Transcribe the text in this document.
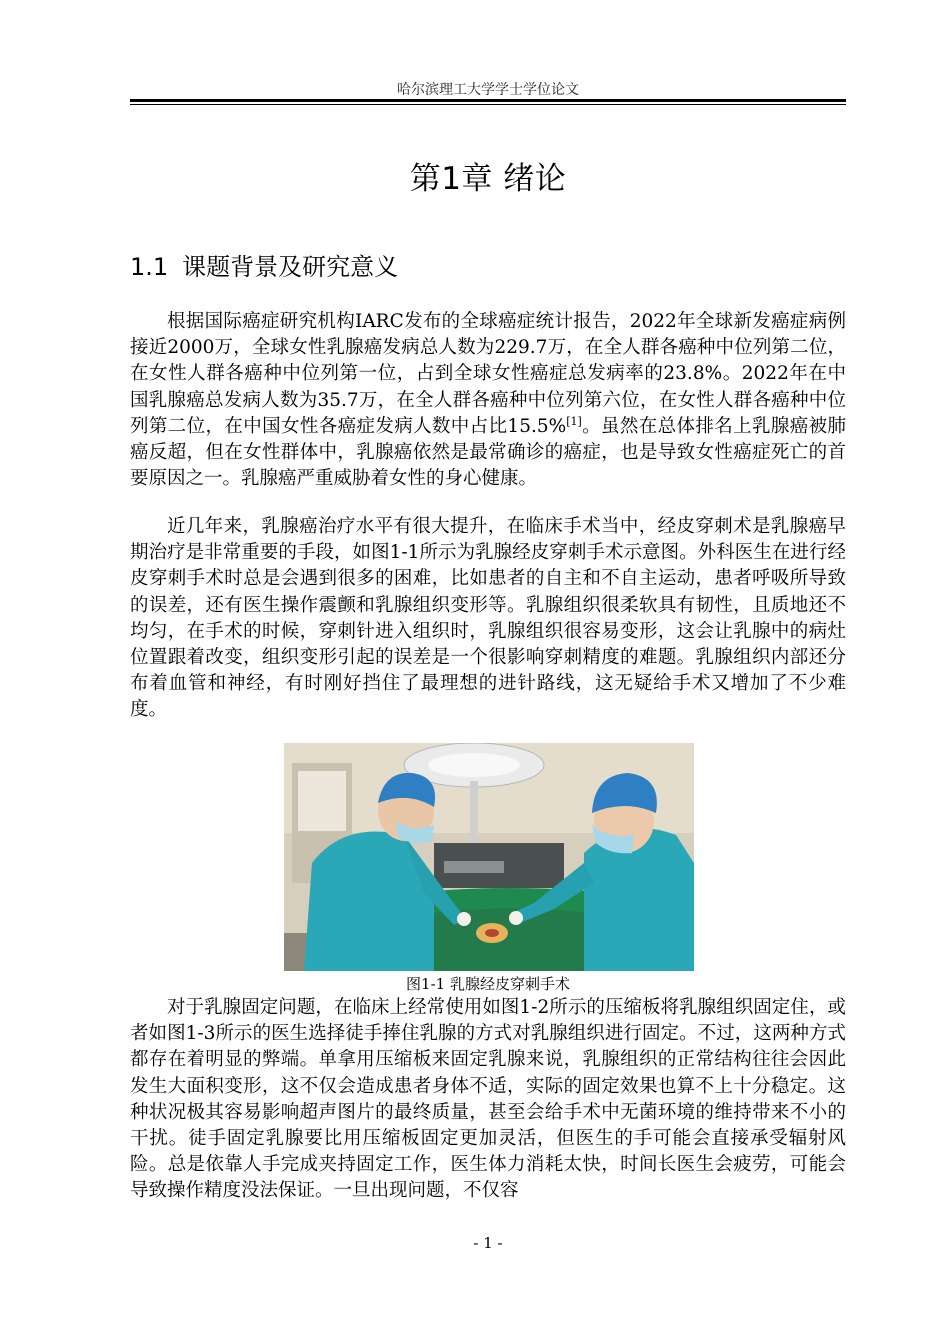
哈尔滨理工大学学士学位论文
第1章 绪论
1.1 课题背景及研究意义

根据国际癌症研究机构IARC发布的全球癌症统计报告，2022年全球新发癌症病例接近2000万，全球女性乳腺癌发病总人数为229.7万，在全人群各癌种中位列第二位，在女性人群各癌种中位列第一位，占到全球女性癌症总发病率的23.8%。2022年在中国乳腺癌总发病人数为35.7万，在全人群各癌种中位列第六位，在女性人群各癌种中位列第二位，在中国女性各癌症发病人数中占比15.5%[1]。虽然在总体排名上乳腺癌被肺癌反超，但在女性群体中，乳腺癌依然是最常确诊的癌症，也是导致女性癌症死亡的首要原因之一。乳腺癌严重威胁着女性的身心健康。

近几年来，乳腺癌治疗水平有很大提升，在临床手术当中，经皮穿刺术是乳腺癌早期治疗是非常重要的手段，如图1-1所示为乳腺经皮穿刺手术示意图。外科医生在进行经皮穿刺手术时总是会遇到很多的困难，比如患者的自主和不自主运动，患者呼吸所导致的误差，还有医生操作震颤和乳腺组织变形等。乳腺组织很柔软具有韧性，且质地还不均匀，在手术的时候，穿刺针进入组织时，乳腺组织很容易变形，这会让乳腺中的病灶位置跟着改变，组织变形引起的误差是一个很影响穿刺精度的难题。乳腺组织内部还分布着血管和神经，有时刚好挡住了最理想的进针路线，这无疑给手术又增加了不少难度。

图1-1 乳腺经皮穿刺手术

对于乳腺固定问题，在临床上经常使用如图1-2所示的压缩板将乳腺组织固定住，或者如图1-3所示的医生选择徒手捧住乳腺的方式对乳腺组织进行固定。不过，这两种方式都存在着明显的弊端。单拿用压缩板来固定乳腺来说，乳腺组织的正常结构往往会因此发生大面积变形，这不仅会造成患者身体不适，实际的固定效果也算不上十分稳定。这种状况极其容易影响超声图片的最终质量，甚至会给手术中无菌环境的维持带来不小的干扰。徒手固定乳腺要比用压缩板固定更加灵活，但医生的手可能会直接承受辐射风险。总是依靠人手完成夹持固定工作，医生体力消耗太快，时间长医生会疲劳，可能会导致操作精度没法保证。一旦出现问题，不仅容

- 1 -
